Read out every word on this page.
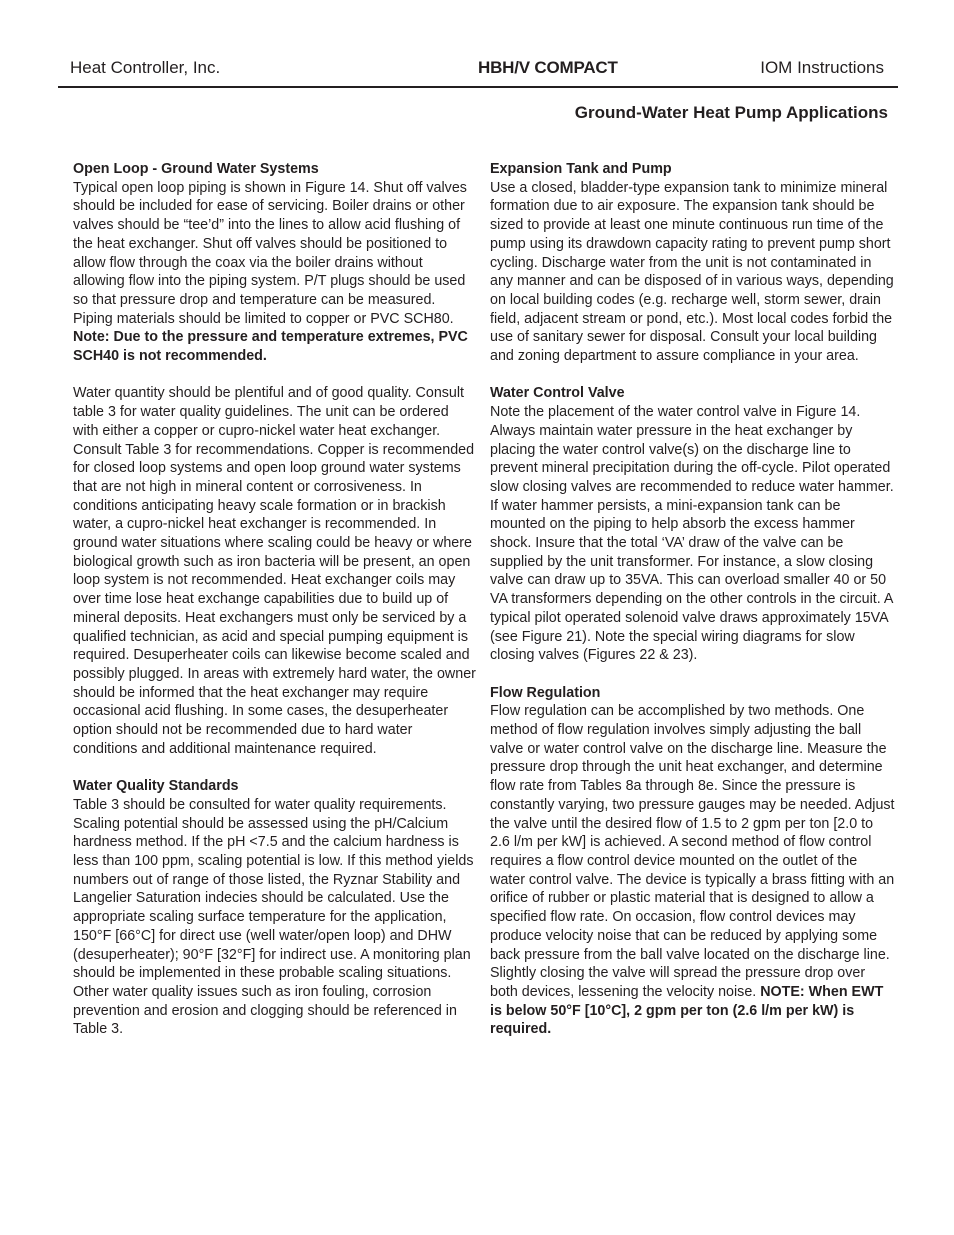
Heat Controller, Inc.	HBH/V COMPACT	IOM Instructions
Ground-Water Heat Pump Applications
Open Loop - Ground Water Systems

Typical open loop piping is shown in Figure 14. Shut off valves should be included for ease of servicing. Boiler drains or other valves should be “tee’d” into the lines to allow acid flushing of the heat exchanger. Shut off valves should be positioned to allow flow through the coax via the boiler drains without allowing flow into the piping system. P/T plugs should be used so that pressure drop and temperature can be measured. Piping materials should be limited to copper or PVC SCH80. Note: Due to the pressure and temperature extremes, PVC SCH40 is not recommended.

Water quantity should be plentiful and of good quality. Consult table 3 for water quality guidelines. The unit can be ordered with either a copper or cupro-nickel water heat exchanger. Consult Table 3 for recommendations. Copper is recommended for closed loop systems and open loop ground water systems that are not high in mineral content or corrosiveness. In conditions anticipating heavy scale formation or in brackish water, a cupro-nickel heat exchanger is recommended. In ground water situations where scaling could be heavy or where biological growth such as iron bacteria will be present, an open loop system is not recommended. Heat exchanger coils may over time lose heat exchange capabilities due to build up of mineral deposits. Heat exchangers must only be serviced by a qualified technician, as acid and special pumping equipment is required. Desuperheater coils can likewise become scaled and possibly plugged. In areas with extremely hard water, the owner should be informed that the heat exchanger may require occasional acid flushing. In some cases, the desuperheater option should not be recommended due to hard water conditions and additional maintenance required.

Water Quality Standards

Table 3 should be consulted for water quality requirements. Scaling potential should be assessed using the pH/Calcium hardness method. If the pH <7.5 and the calcium hardness is less than 100 ppm, scaling potential is low. If this method yields numbers out of range of those listed, the Ryznar Stability and Langelier Saturation indecies should be calculated. Use the appropriate scaling surface temperature for the application, 150°F [66°C] for direct use (well water/open loop) and DHW (desuperheater); 90°F [32°F] for indirect use. A monitoring plan should be implemented in these probable scaling situations. Other water quality issues such as iron fouling, corrosion prevention and erosion and clogging should be referenced in Table 3.

Expansion Tank and Pump

Use a closed, bladder-type expansion tank to minimize mineral formation due to air exposure. The expansion tank should be sized to provide at least one minute continuous run time of the pump using its drawdown capacity rating to prevent pump short cycling. Discharge water from the unit is not contaminated in any manner and can be disposed of in various ways, depending on local building codes (e.g. recharge well, storm sewer, drain field, adjacent stream or pond, etc.). Most local codes forbid the use of sanitary sewer for disposal. Consult your local building and zoning department to assure compliance in your area.

Water Control Valve

Note the placement of the water control valve in Figure 14. Always maintain water pressure in the heat exchanger by placing the water control valve(s) on the discharge line to prevent mineral precipitation during the off-cycle. Pilot operated slow closing valves are recommended to reduce water hammer. If water hammer persists, a mini-expansion tank can be mounted on the piping to help absorb the excess hammer shock. Insure that the total ‘VA’ draw of the valve can be supplied by the unit transformer. For instance, a slow closing valve can draw up to 35VA. This can overload smaller 40 or 50 VA transformers depending on the other controls in the circuit. A typical pilot operated solenoid valve draws approximately 15VA (see Figure 21). Note the special wiring diagrams for slow closing valves (Figures 22 & 23).

Flow Regulation

Flow regulation can be accomplished by two methods. One method of flow regulation involves simply adjusting the ball valve or water control valve on the discharge line. Measure the pressure drop through the unit heat exchanger, and determine flow rate from Tables 8a through 8e. Since the pressure is constantly varying, two pressure gauges may be needed. Adjust the valve until the desired flow of 1.5 to 2 gpm per ton [2.0 to 2.6 l/m per kW] is achieved. A second method of flow control requires a flow control device mounted on the outlet of the water control valve. The device is typically a brass fitting with an orifice of rubber or plastic material that is designed to allow a specified flow rate. On occasion, flow control devices may produce velocity noise that can be reduced by applying some back pressure from the ball valve located on the discharge line. Slightly closing the valve will spread the pressure drop over both devices, lessening the velocity noise. NOTE: When EWT is below 50°F [10°C], 2 gpm per ton (2.6 l/m per kW) is required.
